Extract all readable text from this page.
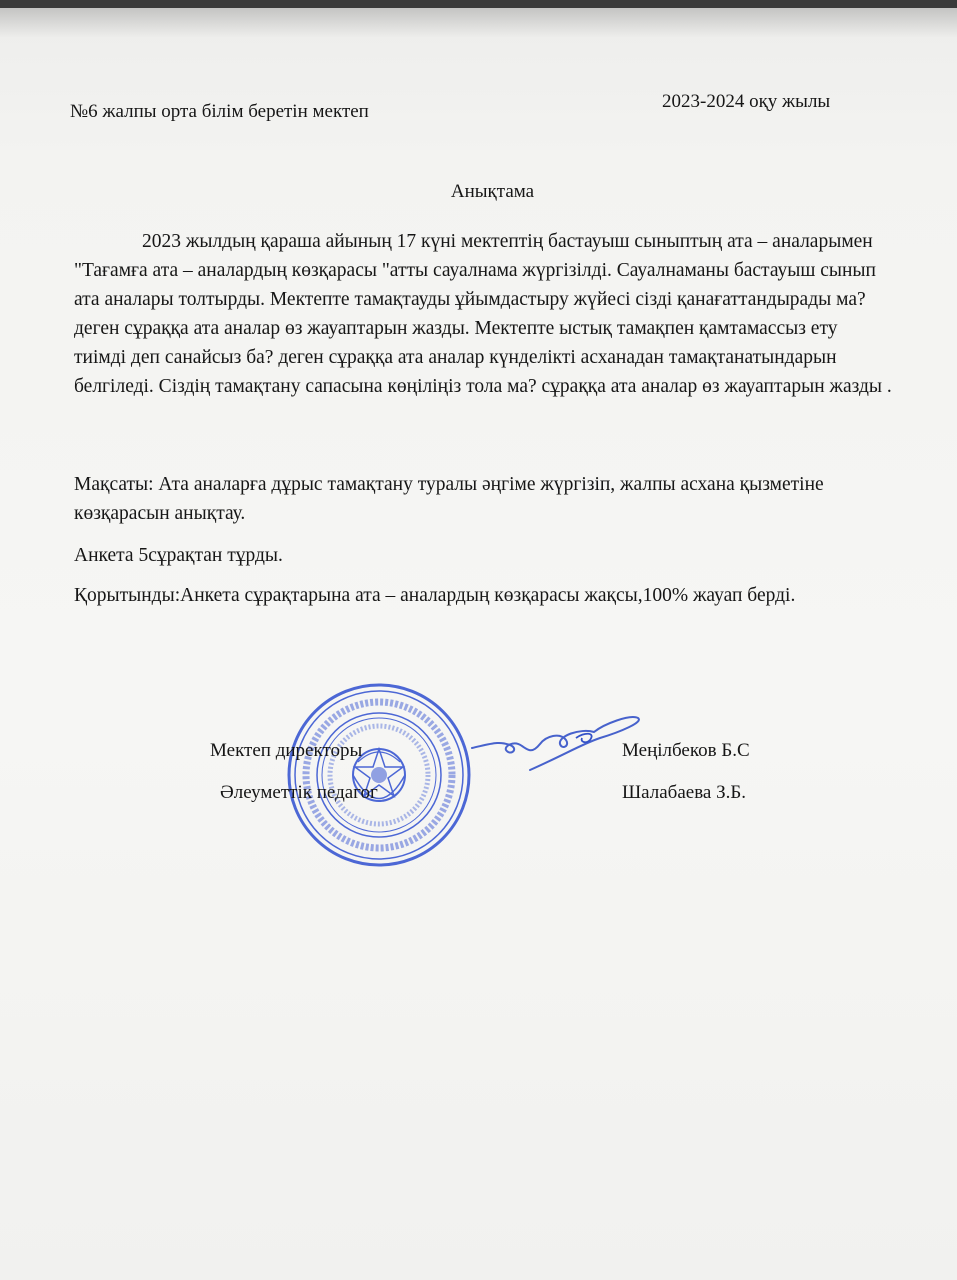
№6 жалпы орта білім беретін мектеп	2023-2024 оқу жылы
Анықтама
2023 жылдың қараша айының 17 күні мектептің бастауыш сыныптың ата – аналарымен "Тағамға ата – аналардың көзқарасы "атты сауалнама жүргізілді. Сауалнаманы бастауыш сынып ата аналары толтырды. Мектепте тамақтауды ұйымдастыру жүйесі сізді қанағаттандырады ма? деген сұраққа ата аналар өз жауаптарын жазды. Мектепте ыстық тамақпен қамтамассыз ету тиімді деп санайсыз ба? деген сұраққа ата аналар күнделікті асханадан тамақтанатындарын белгіледі. Сіздің тамақтану сапасына көңіліңіз тола ма? сұраққа ата аналар өз жауаптарын жазды .
Мақсаты: Ата аналарға дұрыс тамақтану туралы әңгіме жүргізіп, жалпы асхана қызметіне көзқарасын анықтау.
Анкета 5сұрақтан тұрды.
Қорытынды:Анкета сұрақтарына ата – аналардың көзқарасы жақсы,100% жауап берді.
Мектеп директоры	Меңілбеков Б.С
Әлеуметтік педагог	Шалабаева З.Б.
